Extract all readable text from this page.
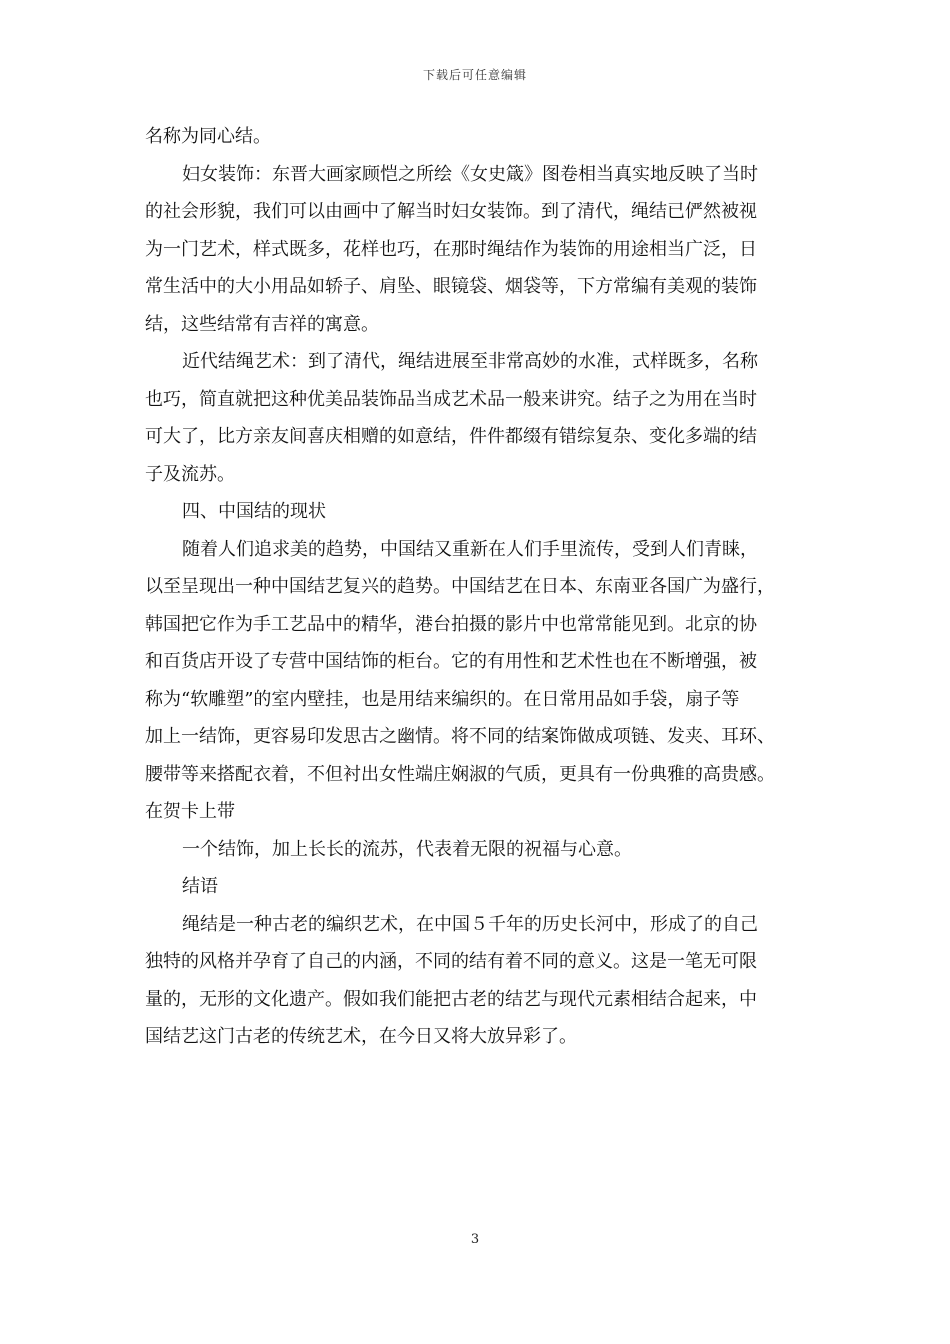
下载后可任意编辑
名称为同心结。
妇女装饰：东晋大画家顾恺之所绘《女史箴》图卷相当真实地反映了当时
的社会形貌，我们可以由画中了解当时妇女装饰。到了清代，绳结已俨然被视
为一门艺术，样式既多，花样也巧，在那时绳结作为装饰的用途相当广泛，日
常生活中的大小用品如轿子、肩坠、眼镜袋、烟袋等，下方常编有美观的装饰
结，这些结常有吉祥的寓意。
近代结绳艺术：到了清代，绳结进展至非常高妙的水准，式样既多，名称
也巧，简直就把这种优美品装饰品当成艺术品一般来讲究。结子之为用在当时
可大了，比方亲友间喜庆相赠的如意结，件件都缀有错综复杂、变化多端的结
子及流苏。
四、中国结的现状
随着人们追求美的趋势，中国结又重新在人们手里流传，受到人们青睐，
以至呈现出一种中国结艺复兴的趋势。中国结艺在日本、东南亚各国广为盛行，
韩国把它作为手工艺品中的精华，港台拍摄的影片中也常常能见到。北京的协
和百货店开设了专营中国结饰的柜台。它的有用性和艺术性也在不断增强，被
称为“软雕塑”的室内壁挂，也是用结来编织的。在日常用品如手袋，扇子等
加上一结饰，更容易印发思古之幽情。将不同的结案饰做成项链、发夹、耳环、
腰带等来搭配衣着，不但衬出女性端庄娴淑的气质，更具有一份典雅的高贵感。
在贺卡上带
一个结饰，加上长长的流苏，代表着无限的祝福与心意。
结语
绳结是一种古老的编织艺术，在中国５千年的历史长河中，形成了的自己
独特的风格并孕育了自己的内涵，不同的结有着不同的意义。这是一笔无可限
量的，无形的文化遗产。假如我们能把古老的结艺与现代元素相结合起来，中
国结艺这门古老的传统艺术，在今日又将大放异彩了。
3
